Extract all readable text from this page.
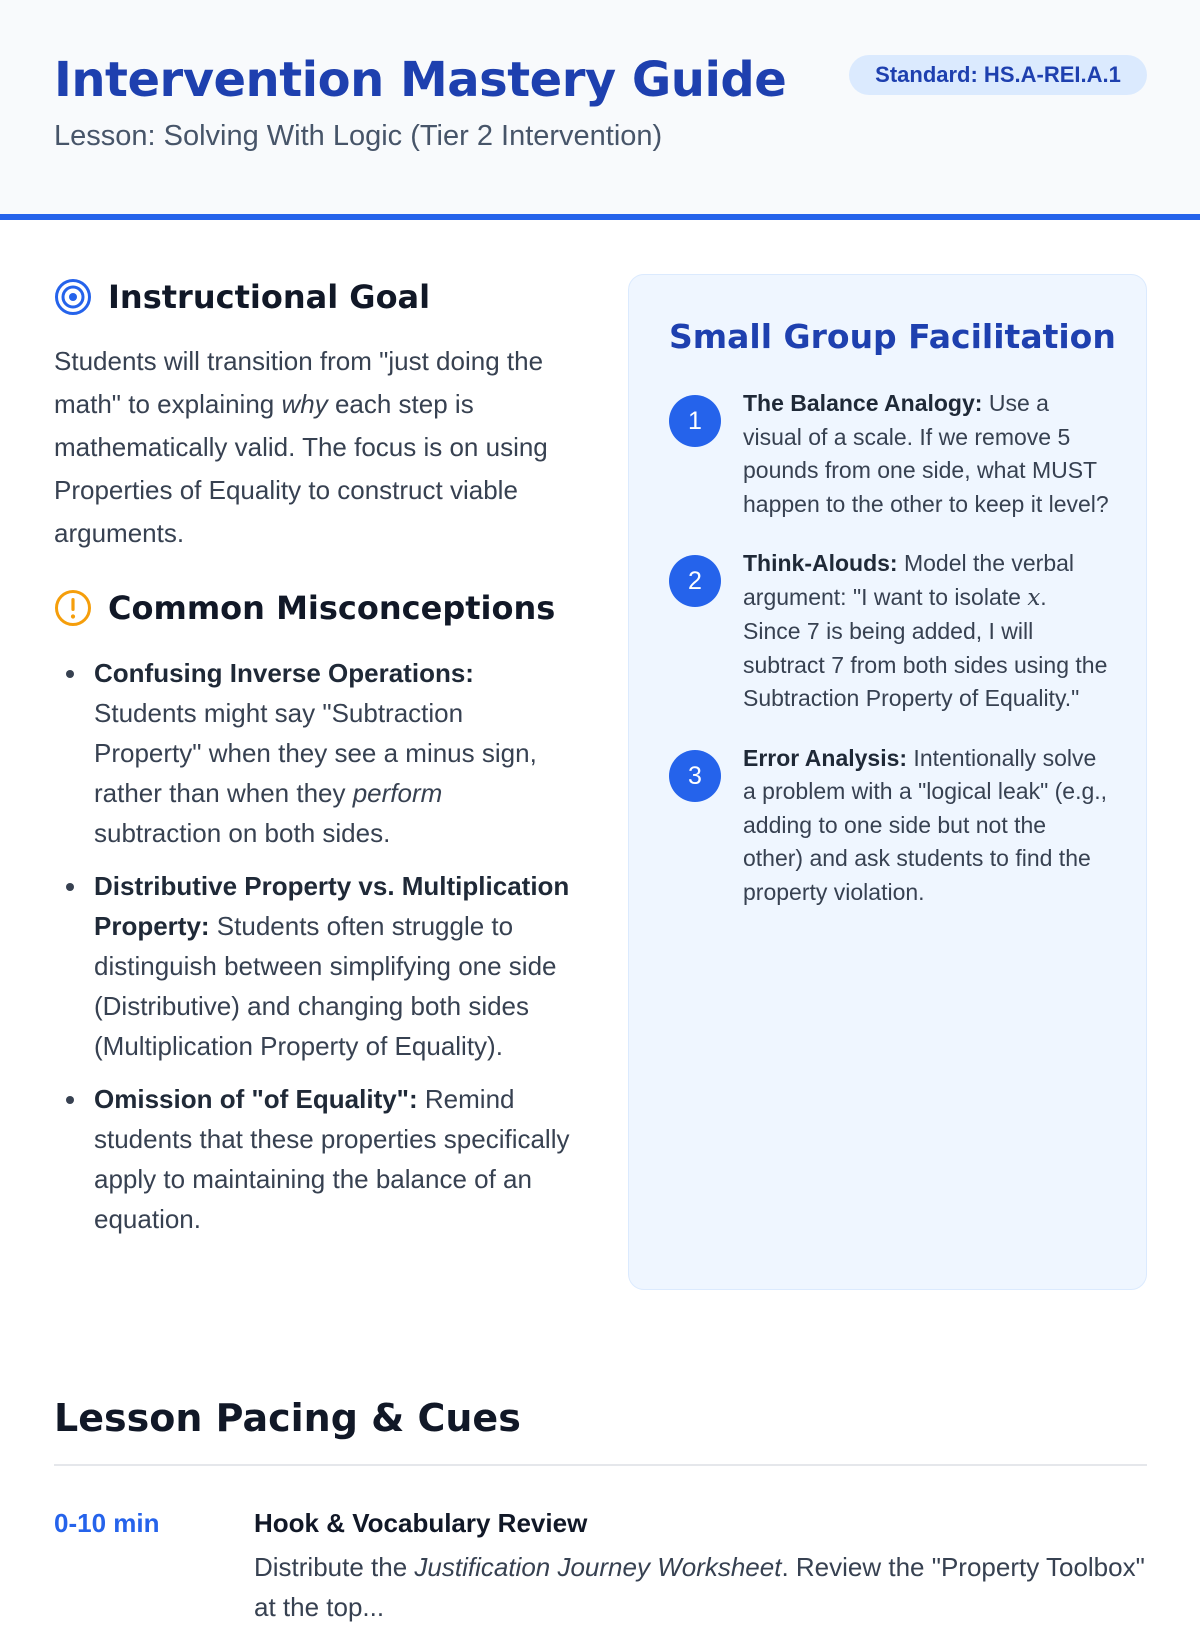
Intervention Mastery Guide
Lesson: Solving With Logic (Tier 2 Intervention)
Standard: HS.A-REI.A.1
Instructional Goal

Students will transition from "just doing the math" to explaining why each step is mathematically valid. The focus is on using Properties of Equality to construct viable arguments.

Common Misconceptions
Confusing Inverse Operations: Students might say "Subtraction Property" when they see a minus sign, rather than when they perform subtraction on both sides.
Distributive Property vs. Multiplication Property: Students often struggle to distinguish between simplifying one side (Distributive) and changing both sides (Multiplication Property of Equality).
Omission of "of Equality": Remind students that these properties specifically apply to maintaining the balance of an equation.
Small Group Facilitation
1
The Balance Analogy: Use a visual of a scale. If we remove 5 pounds from one side, what MUST happen to the other to keep it level?
2
Think-Alouds: Model the verbal argument: "I want to isolate x. Since 7 is being added, I will subtract 7 from both sides using the Subtraction Property of Equality."
3
Error Analysis: Intentionally solve a problem with a "logical leak" (e.g., adding to one side but not the other) and ask students to find the property violation.
Lesson Pacing & Cues
0-10 min	Hook & Vocabulary Review
Distribute the Justification Journey Worksheet. Review the "Property Toolbox" at the top...
